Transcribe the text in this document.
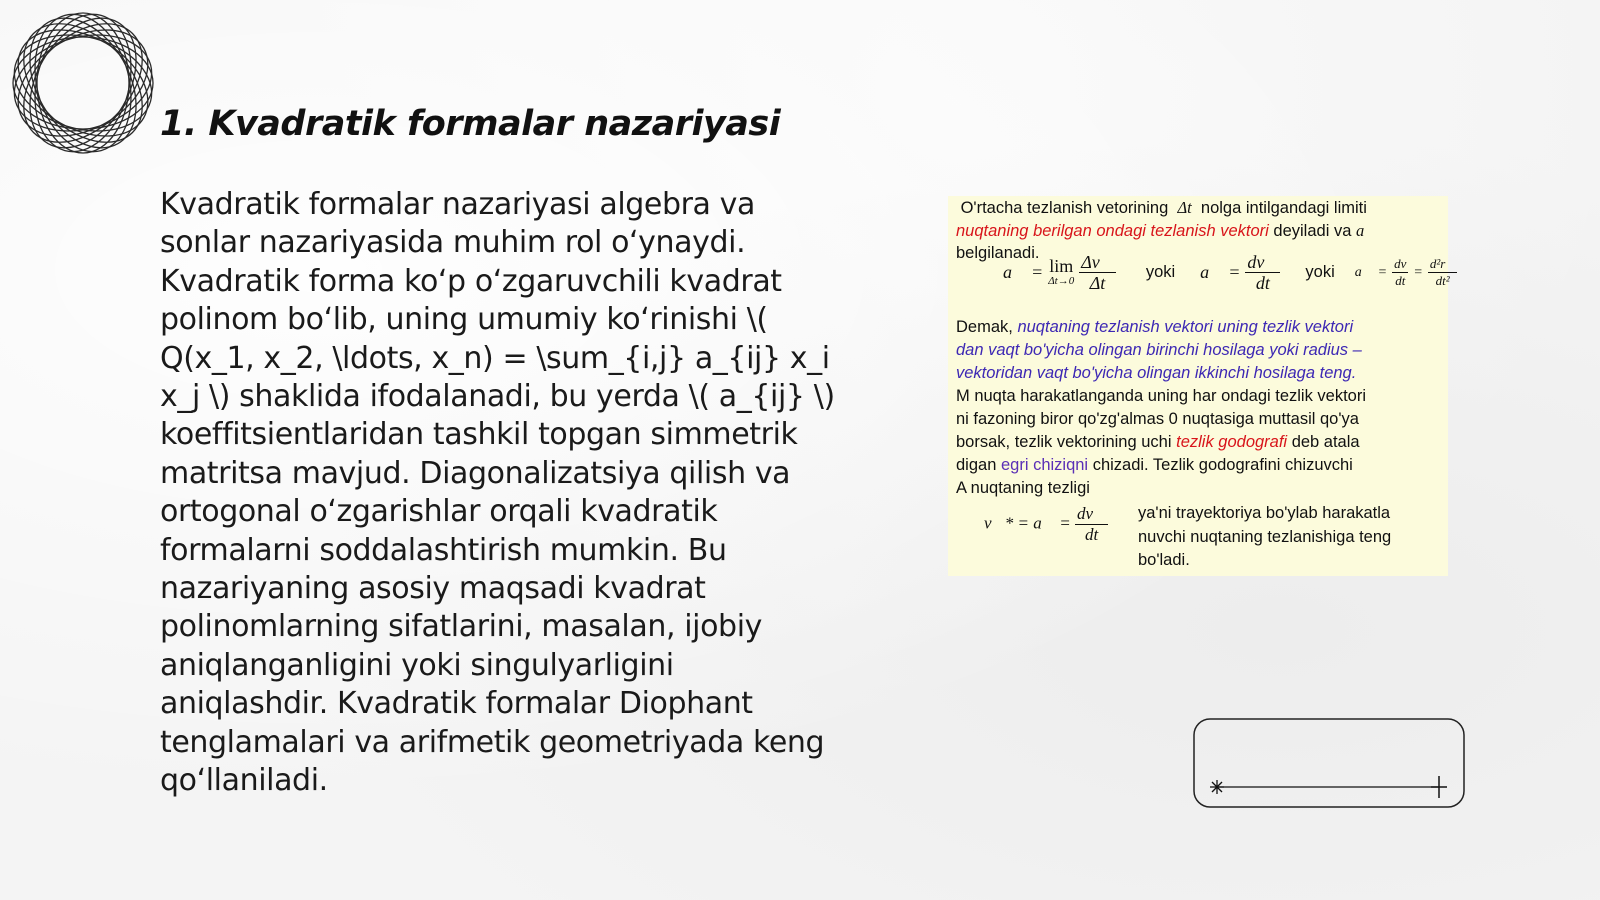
1. Kvadratik formalar nazariyasi
Kvadratik formalar nazariyasi algebra va sonlar nazariyasida muhim rol oʻynaydi. Kvadratik forma koʻp oʻzgaruvchili kvadrat polinom boʻlib, uning umumiy koʻrinishi \( Q(x_1, x_2, \ldots, x_n) = \sum_{i,j} a_{ij} x_i x_j \) shaklida ifodalanadi, bu yerda \( a_{ij} \) koeffitsientlaridan tashkil topgan simmetrik matritsa mavjud. Diagonalizatsiya qilish va ortogonal oʻzgarishlar orqali kvadratik formalarni soddalashtirish mumkin. Bu nazariyaning asosiy maqsadi kvadrat polinomlarning sifatlarini, masalan, ijobiy aniqlanganligini yoki singulyarligini aniqlashdir. Kvadratik formalar Diophant tenglamalari va arifmetik geometriyada keng qoʻllaniladi.
O'rtacha tezlanish vetorining Δt nolga intilgandagi limiti
nuqtaning berilgan ondagi tezlanish vektori deyiladi va a⃗
belgilanadi.
a⃗ = lim
Δt→0
$\frac{\Delta v⃗}{\Delta t}$ yoki a⃗ = $\frac{dv⃗}{dt}$ yoki a⃗ = $\frac{dv}{dt} = \frac{\text{d²r⃗}}{\text{dt²}}$
Demak, nuqtaning tezlanish vektori uning tezlik vektori
dan vaqt bo'yicha olingan birinchi hosilaga yoki radius –
vektoridan vaqt bo'yicha olingan ikkinchi hosilaga teng.
M nuqta harakatlanganda uning har ondagi tezlik vektori
ni fazoning biror qo'zg'almas 0 nuqtasiga muttasil qo'ya
borsak, tezlik vektorining uchi tezlik godografi deb atala
digan egri chiziqni chizadi. Tezlik godografini chizuvchi
A nuqtaning tezligi
v⃗* = a⃗ = $\frac{dv⃗}{dt} ya'ni$ trayektoriya bo'ylab harakatla
nuvchi nuqtaning tezlanishiga teng
bo'ladi.
